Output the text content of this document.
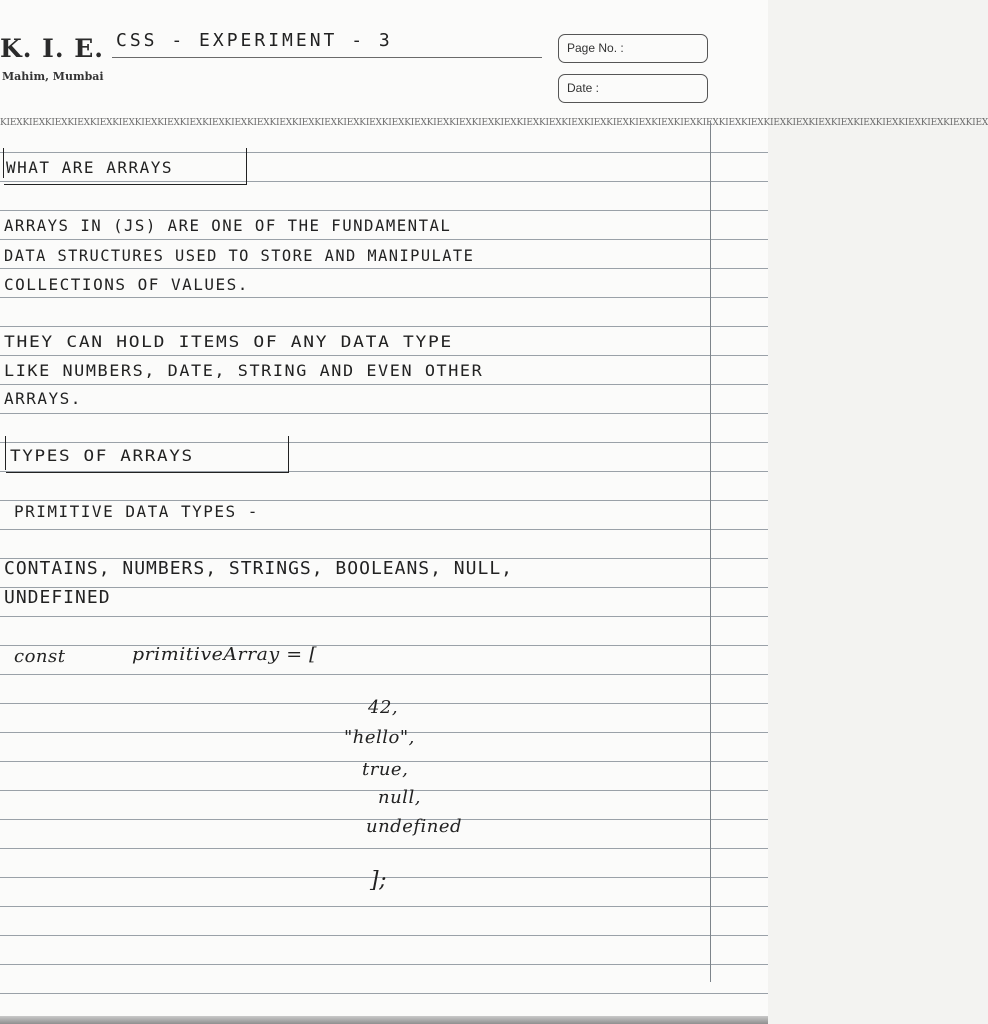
K. I. E.
Mahim, Mumbai
CSS - EXPERIMENT - 3	Page No. :
Date :
KIEXKIEXKIEXKIEXKIEXKIEXKIEXKIEXKIEXKIEXKIEXKIEXKIEXKIEXKIEXKIEXKIEXKIEXKIEXKIEXKIEXKIEXKIEXKIEXKIEXKIEXKIEXKIEXKIEXKIEXKIEXKIEXKIEXKIEXKIEXKIEXKIEXKIEXKIEXKIEXKIEXKIEXKIEXKIEX
WHAT ARE ARRAYS
ARRAYS IN (JS) ARE ONE OF THE FUNDAMENTAL
DATA STRUCTURES USED TO STORE AND MANIPULATE
COLLECTIONS OF VALUES.
THEY CAN HOLD ITEMS OF ANY DATA TYPE
LIKE NUMBERS, DATE, STRING AND EVEN OTHER
ARRAYS.
TYPES OF ARRAYS
PRIMITIVE DATA TYPES -
CONTAINS, NUMBERS, STRINGS, BOOLEANS, NULL,
UNDEFINED
const	primitiveArray = [
42,
"hello",
true,
null,
undefined
];
